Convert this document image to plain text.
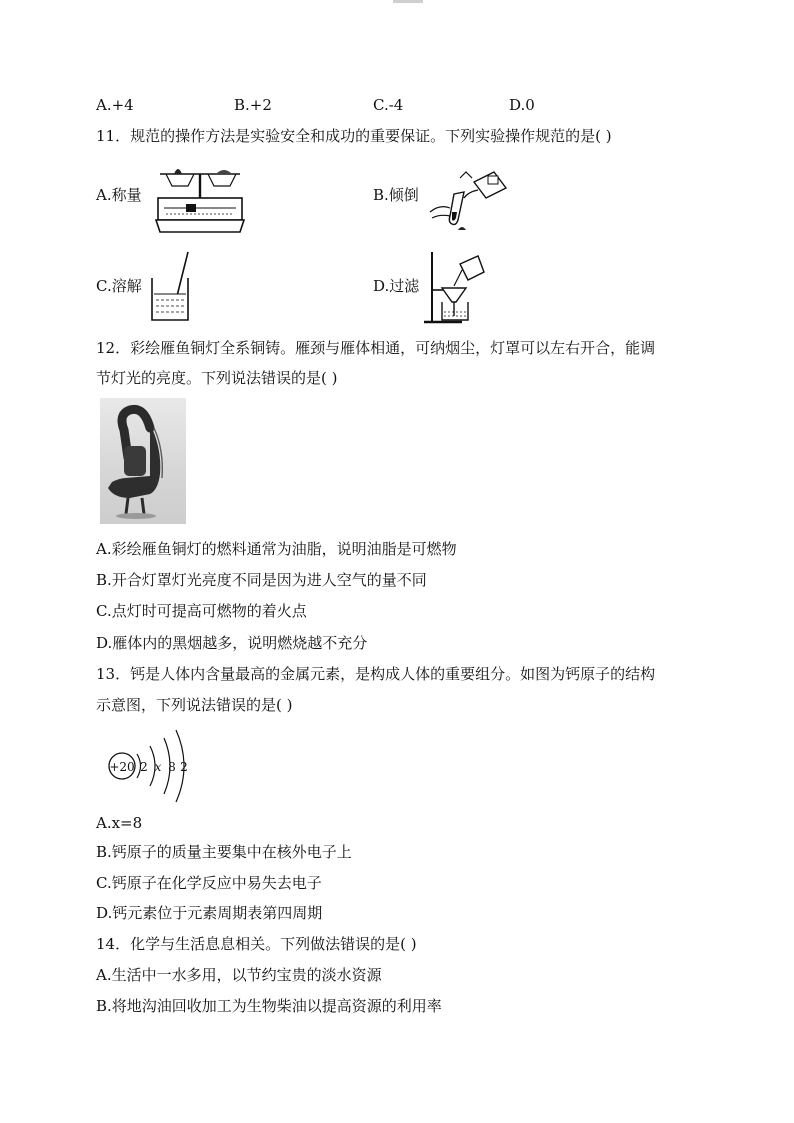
A.+4	B.+2	C.-4	D.0
11．规范的操作方法是实验安全和成功的重要保证。下列实验操作规范的是( )
A.称量	B.倾倒
C.溶解	D.过滤
12．彩绘雁鱼铜灯全系铜铸。雁颈与雁体相通，可纳烟尘，灯罩可以左右开合，能调
节灯光的亮度。下列说法错误的是( )
A.彩绘雁鱼铜灯的燃料通常为油脂，说明油脂是可燃物
B.开合灯罩灯光亮度不同是因为进人空气的量不同
C.点灯时可提高可燃物的着火点
D.雁体内的黑烟越多，说明燃烧越不充分
13．钙是人体内含量最高的金属元素，是构成人体的重要组分。如图为钙原子的结构
示意图，下列说法错误的是( )
+20 2 x 8 2
A.x=8
B.钙原子的质量主要集中在核外电子上
C.钙原子在化学反应中易失去电子
D.钙元素位于元素周期表第四周期
14．化学与生活息息相关。下列做法错误的是( )
A.生活中一水多用，以节约宝贵的淡水资源
B.将地沟油回收加工为生物柴油以提高资源的利用率
